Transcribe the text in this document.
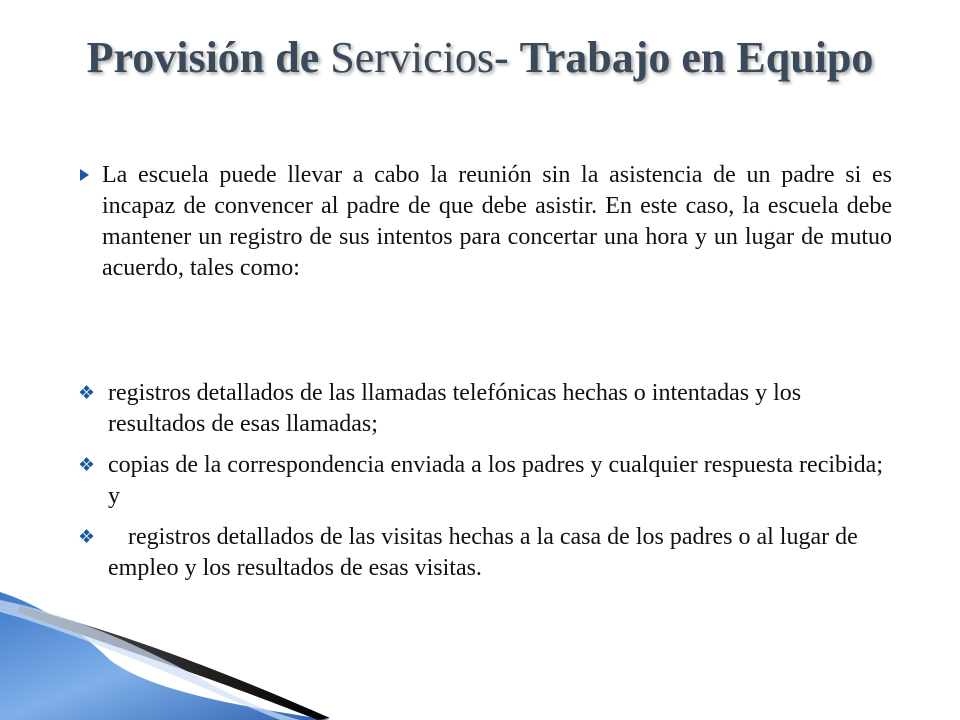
Provisión de Servicios- Trabajo en Equipo
La escuela puede llevar a cabo la reunión sin la asistencia de un padre si es incapaz de convencer al padre de que debe asistir. En este caso, la escuela debe mantener un registro de sus intentos para concertar una hora y un lugar de mutuo acuerdo, tales como:
❖ registros detallados de las llamadas telefónicas hechas o intentadas y los resultados de esas llamadas;
❖ copias de la correspondencia enviada a los padres y cualquier respuesta recibida; y
❖	registros detallados de las visitas hechas a la casa de los padres o al lugar de empleo y los resultados de esas visitas.
